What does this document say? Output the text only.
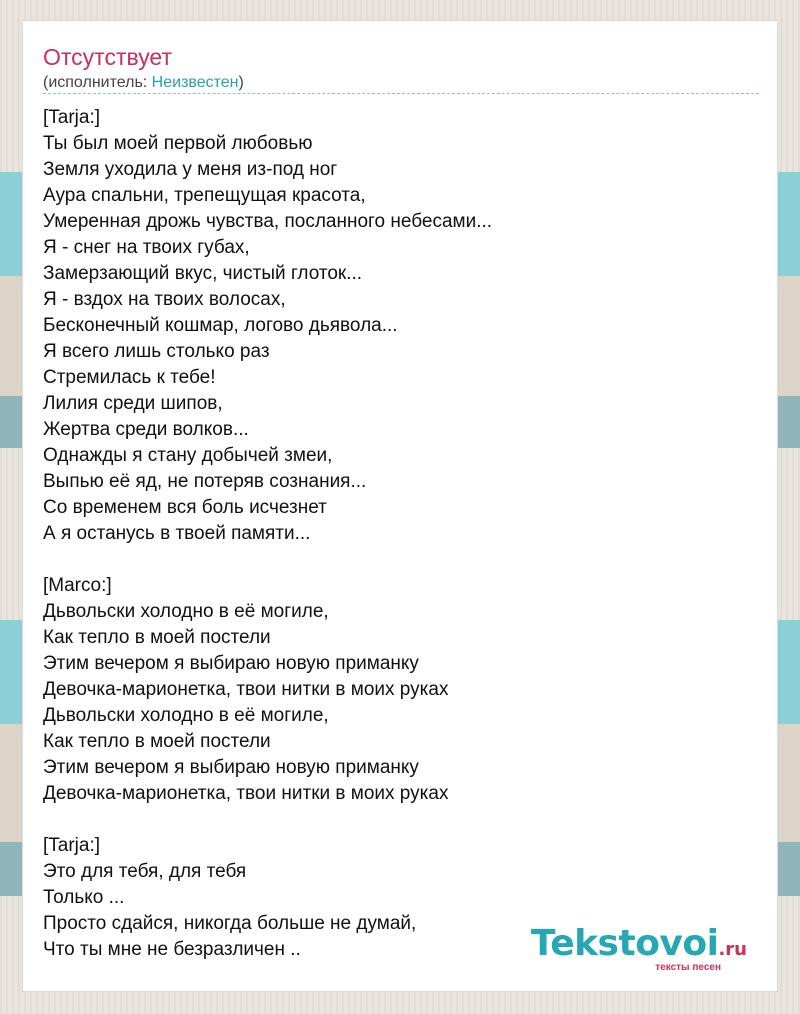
Отсутствует
(исполнитель: Неизвестен)
[Tarja:]
Ты был моей первой любовью
Земля уходила у меня из-под ног
Аура спальни, трепещущая красота,
Умеренная дрожь чувства, посланного небесами...
Я - снег на твоих губах,
Замерзающий вкус, чистый глоток...
Я - вздох на твоих волосах,
Бесконечный кошмар, логово дьявола...
Я всего лишь столько раз
Стремилась к тебе!
Лилия среди шипов,
Жертва среди волков...
Однажды я стану добычей змеи,
Выпью её яд, не потеряв сознания...
Со временем вся боль исчезнет
А я останусь в твоей памяти...
[Marco:]
Дьвольски холодно в её могиле,
Как тепло в моей постели
Этим вечером я выбираю новую приманку
Девочка-марионетка, твои нитки в моих руках
Дьвольски холодно в её могиле,
Как тепло в моей постели
Этим вечером я выбираю новую приманку
Девочка-марионетка, твои нитки в моих руках
[Tarja:]
Это для тебя, для тебя
Только ...
Просто сдайся, никогда больше не думай,
Что ты мне не безразличен ..	Tekstovoi.ru
тексты песен
